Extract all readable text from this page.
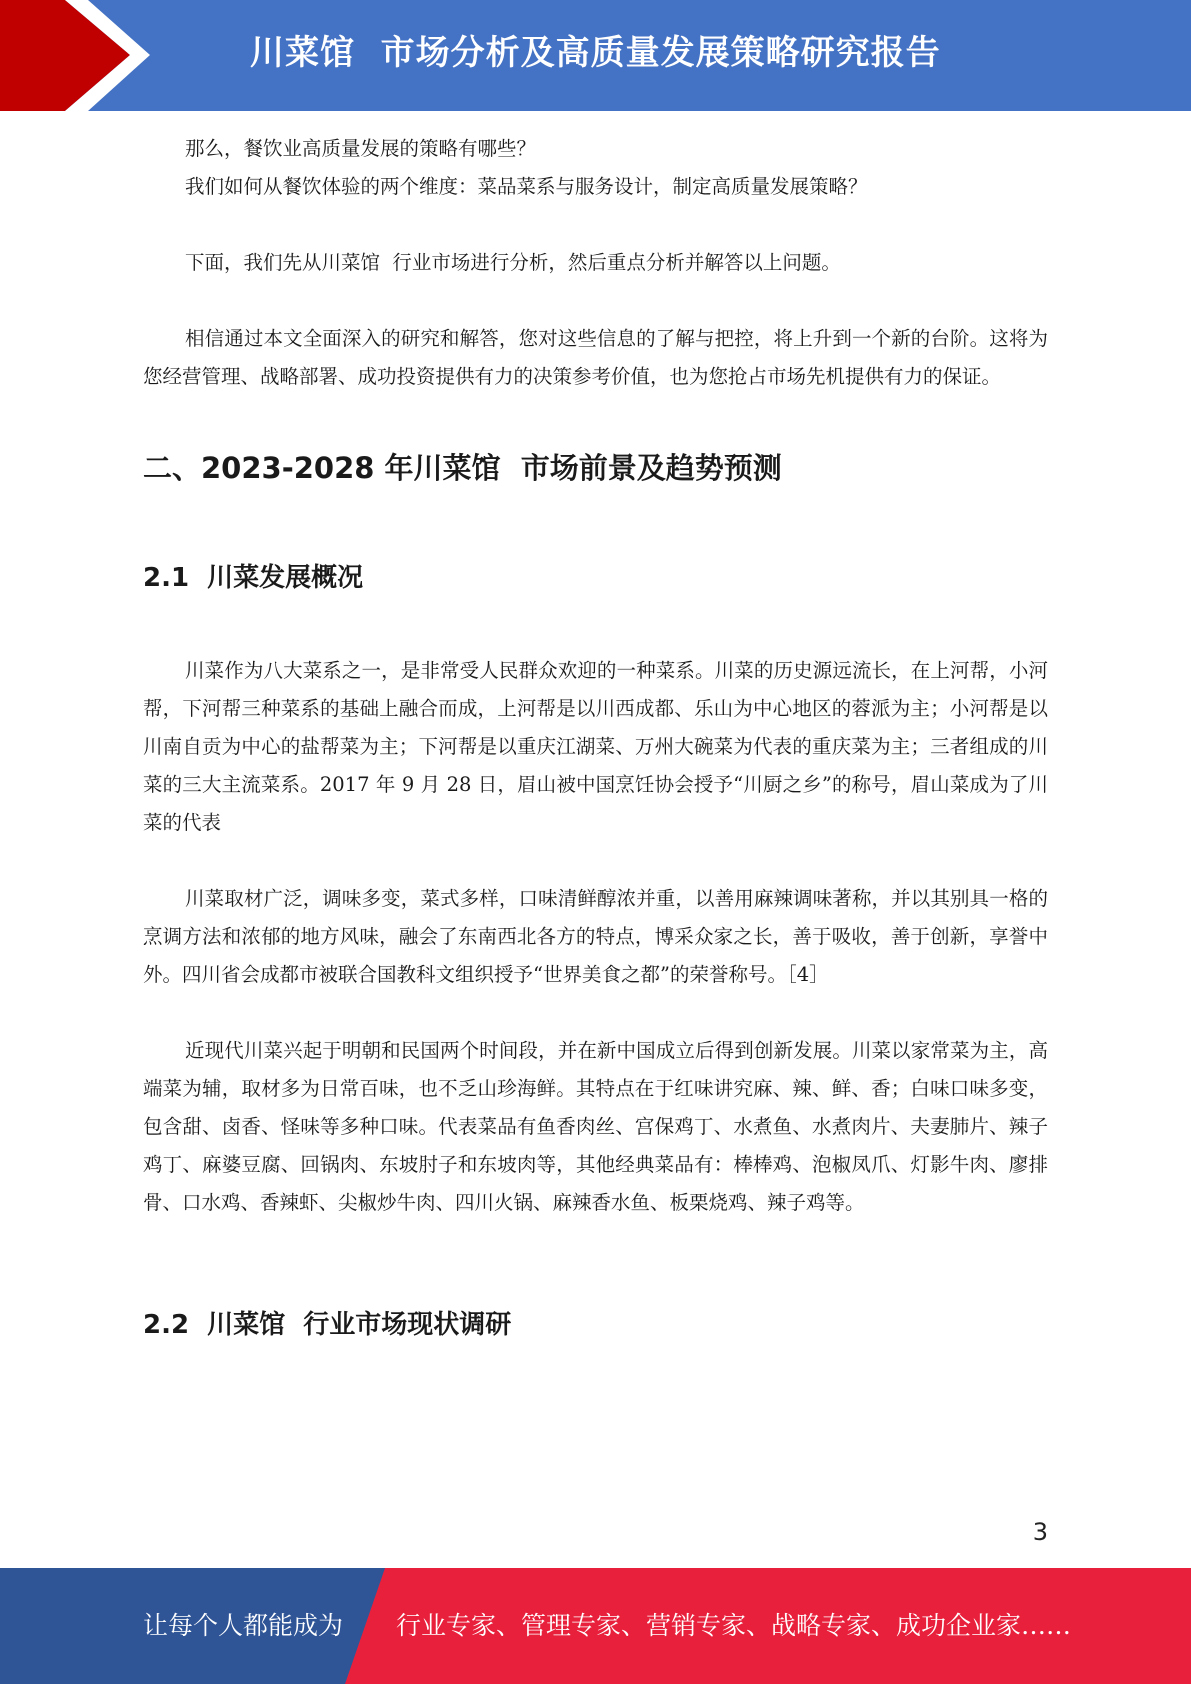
川菜馆  市场分析及高质量发展策略研究报告

那么，餐饮业高质量发展的策略有哪些？

我们如何从餐饮体验的两个维度：菜品菜系与服务设计，制定高质量发展策略？

下面，我们先从川菜馆  行业市场进行分析，然后重点分析并解答以上问题。

相信通过本文全面深入的研究和解答，您对这些信息的了解与把控，将上升到一个新的台阶。这将为您经营管理、战略部署、成功投资提供有力的决策参考价值，也为您抢占市场先机提供有力的保证。

二、2023-2028 年川菜馆  市场前景及趋势预测
2.1  川菜发展概况

川菜作为八大菜系之一，是非常受人民群众欢迎的一种菜系。川菜的历史源远流长，在上河帮，小河帮，下河帮三种菜系的基础上融合而成，上河帮是以川西成都、乐山为中心地区的蓉派为主；小河帮是以川南自贡为中心的盐帮菜为主；下河帮是以重庆江湖菜、万州大碗菜为代表的重庆菜为主；三者组成的川菜的三大主流菜系。2017 年 9 月 28 日，眉山被中国烹饪协会授予“川厨之乡”的称号，眉山菜成为了川菜的代表

川菜取材广泛，调味多变，菜式多样，口味清鲜醇浓并重，以善用麻辣调味著称，并以其别具一格的烹调方法和浓郁的地方风味，融会了东南西北各方的特点，博采众家之长，善于吸收，善于创新，享誉中外。四川省会成都市被联合国教科文组织授予“世界美食之都”的荣誉称号。［4］

近现代川菜兴起于明朝和民国两个时间段，并在新中国成立后得到创新发展。川菜以家常菜为主，高端菜为辅，取材多为日常百味，也不乏山珍海鲜。其特点在于红味讲究麻、辣、鲜、香；白味口味多变，包含甜、卤香、怪味等多种口味。代表菜品有鱼香肉丝、宫保鸡丁、水煮鱼、水煮肉片、夫妻肺片、辣子鸡丁、麻婆豆腐、回锅肉、东坡肘子和东坡肉等，其他经典菜品有：棒棒鸡、泡椒凤爪、灯影牛肉、廖排骨、口水鸡、香辣虾、尖椒炒牛肉、四川火锅、麻辣香水鱼、板栗烧鸡、辣子鸡等。

2.2  川菜馆  行业市场现状调研
3
让每个人都能成为 行业专家、管理专家、营销专家、战略专家、成功企业家……
